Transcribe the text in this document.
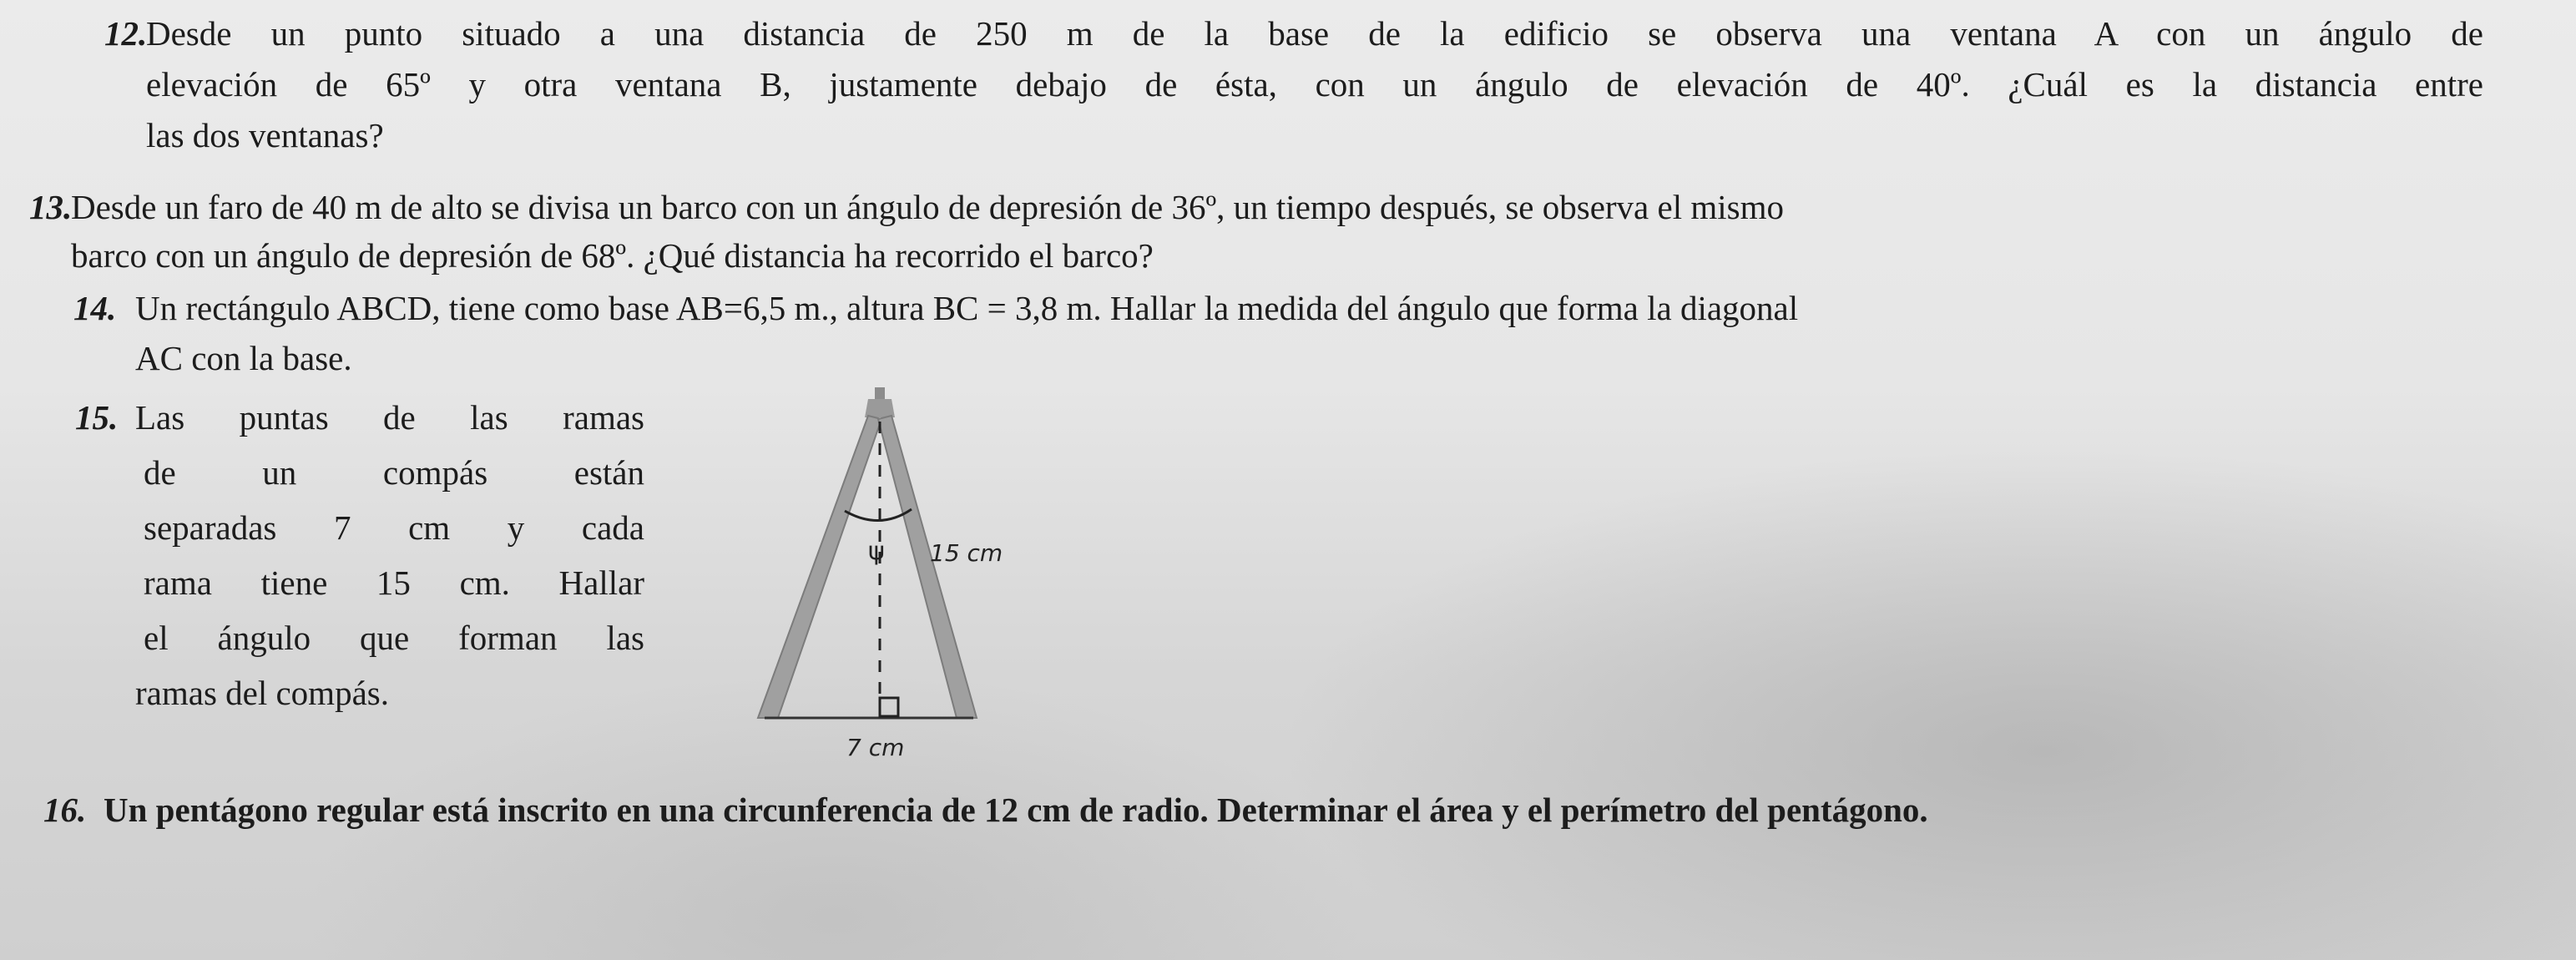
12.
Desde un punto situado a una distancia de 250 m de la base de la edificio se observa una ventana A con un ángulo de
elevación de 65º y otra ventana B, justamente debajo de ésta, con un ángulo de elevación de 40º. ¿Cuál es la distancia entre
las dos ventanas?
13.
Desde un faro de 40 m de alto se divisa un barco con un ángulo de depresión de 36º, un tiempo después, se observa el mismo
barco con un ángulo de depresión de 68º. ¿Qué distancia ha recorrido el barco?
14. Un rectángulo ABCD, tiene como base AB=6,5 m., altura BC = 3,8 m. Hallar la medida del ángulo que forma la diagonal
AC con la base.
15. Las puntas de las ramas
de un compás están
separadas 7 cm y cada
rama tiene 15 cm. Hallar
el ángulo que forman las
ramas del compás.
ψ 15 cm
7 cm
16. Un pentágono regular está inscrito en una circunferencia de 12 cm de radio. Determinar el área y el perímetro del pentágono.
